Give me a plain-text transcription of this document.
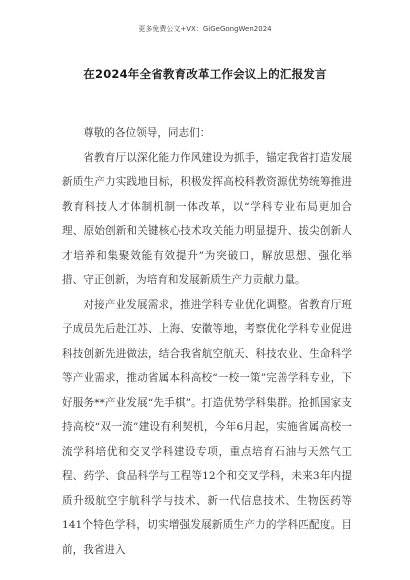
更多免费公文+VX：GiGeGongWen2024
在2024年全省教育改革工作会议上的汇报发言

尊敬的各位领导，同志们：

省教育厅以深化能力作风建设为抓手，锚定我省打造发展新质生产力实践地目标，积极发挥高校科教资源优势统筹推进教育科技人才体制机制一体改革，以“学科专业布局更加合理、原始创新和关键核心技术攻关能力明显提升、拔尖创新人才培养和集聚效能有效提升”为突破口，解放思想、强化举措、守正创新，为培育和发展新质生产力贡献力量。

对接产业发展需求，推进学科专业优化调整。省教育厅班子成员先后赴江苏、上海、安徽等地，考察优化学科专业促进科技创新先进做法，结合我省航空航天、科技农业、生命科学等产业需求，推动省属本科高校“一校一策”完善学科专业，下好服务**产业发展“先手棋”。打造优势学科集群。抢抓国家支持高校“双一流”建设有利契机，今年6月起，实施省属高校一流学科培优和交叉学科建设专项，重点培育石油与天然气工程、药学、食品科学与工程等12个和交叉学科，未来3年内提质升级航空宇航科学与技术、新一代信息技术、生物医药等141个特色学科，切实增强发展新质生产力的学科匹配度。目前，我省进入
